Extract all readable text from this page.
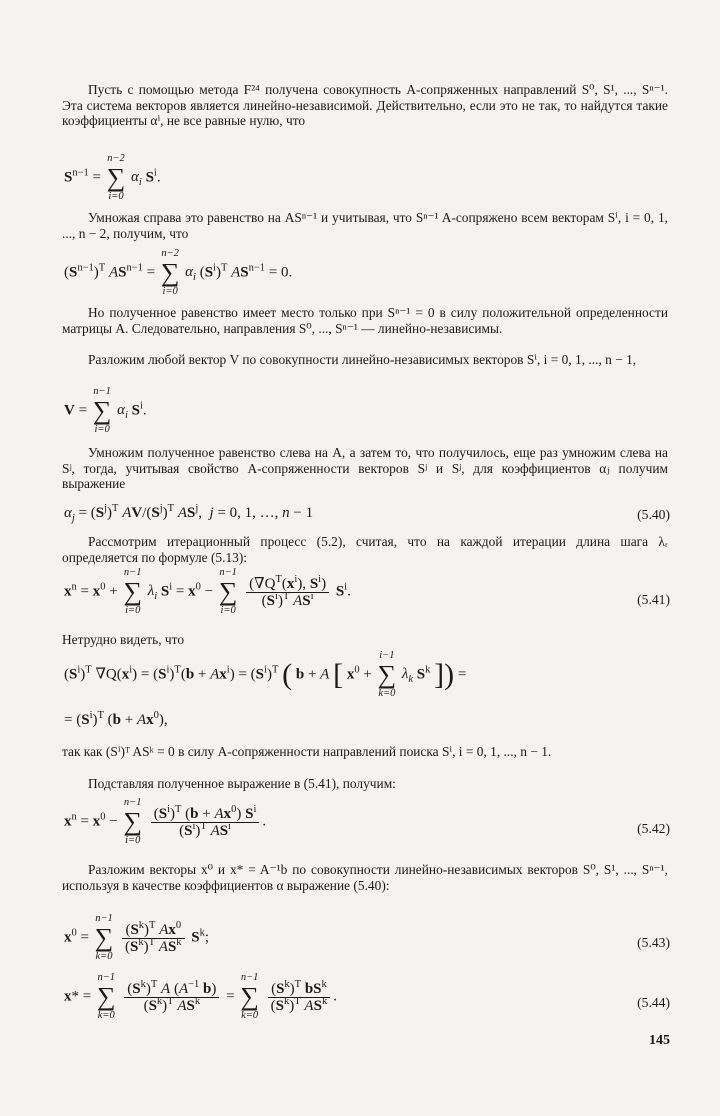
Пусть с помощью метода F²⁴ получена совокупность A-сопряженных направлений S⁰, S¹, ..., Sⁿ⁻¹. Эта система векторов является линейно-независимой. Действительно, если это не так, то найдутся такие коэффициенты αⁱ, не все равные нулю, что
$S^{n-1}$ =
n−2
∑
i=0
$\alpha_i$ $S^i$.
Умножая справа это равенство на ASⁿ⁻¹ и учитывая, что Sⁿ⁻¹ A-сопряжено всем векторам Sⁱ, i = 0, 1, ..., n − 2, получим, что
$(S^{n-1})^T$ $AS^{n-1}$ =
n−2
∑
i=0
$\alpha_i$ $(S^i)^T$ $AS^{n-1} = 0$.
Но полученное равенство имеет место только при Sⁿ⁻¹ = 0 в силу положительной определенности матрицы A. Следовательно, направления S⁰, ..., Sⁿ⁻¹ — линейно-независимы.
Разложим любой вектор V по совокупности линейно-независимых векторов Sⁱ, i = 0, 1, ..., n − 1,
V =
n−1
∑
i=0
$\alpha_i$ $S^i$.
Умножим полученное равенство слева на A, а затем то, что получилось, еще раз умножим слева на Sʲ, тогда, учитывая свойство A-сопряженности векторов Sʲ и Sʲ, для коэффициентов αⱼ получим выражение
$\alpha_j = (S^j)^T$ $AV/(S^j)^T$ $AS^j$,  j = 0, 1, …, n − 1	(5.40)
Рассмотрим итерационный процесс (5.2), считая, что на каждой итерации длина шага λᵣ определяется по формуле (5.13):
$x^n = x^0$ +
n−1
∑
i=0
$\lambda_i$ $S^i = x^0$ −
n−1
∑
i=0

$\frac{(\nabla Q^T(x^i), S^i)}{(S^i)^T AS^i} S^i$.
(5.41)
Нетрудно видеть, что
$(S^i)^T$ $\nabla Q(x^i) = (S^i)^T(b + Ax^i) = (S^i)^T$ ( b + A [ $x^0$ +
i−1
∑
k=0
$\lambda_k$ $S^k$ ]) =
= $(S^i)^T$ $(b + Ax^0)$,
так как (Sⁱ)ᵀ ASᵏ = 0 в силу A-сопряженности направлений поиска Sⁱ, i = 0, 1, ..., n − 1.
Подставляя полученное выражение в (5.41), получим:
$x^n = x^0$ −
n−1
∑
i=0

$\frac{(S^i)^T (b + Ax^0) S^i}{(S^i)^T AS^i}$ .	(5.42)
Разложим векторы x⁰ и x* = A⁻¹b по совокупности линейно-независимых векторов S⁰, S¹, ..., Sⁿ⁻¹, используя в качестве коэффициентов α выражение (5.40):
$x^0$ =
n−1
∑
k=0

$\frac{(S^k)^T Ax^0}{(S^k)^T AS^k} S^k$;	(5.43)
x* =
n−1
∑
k=0

$\frac{(S^k)^T A (A^{-1} b)}{(S^k)^T AS^k}$ =
n−1
∑
k=0

$\frac{(S^k)^T bS^k}{(S^k)^T AS^k}$ .	(5.44)
145
